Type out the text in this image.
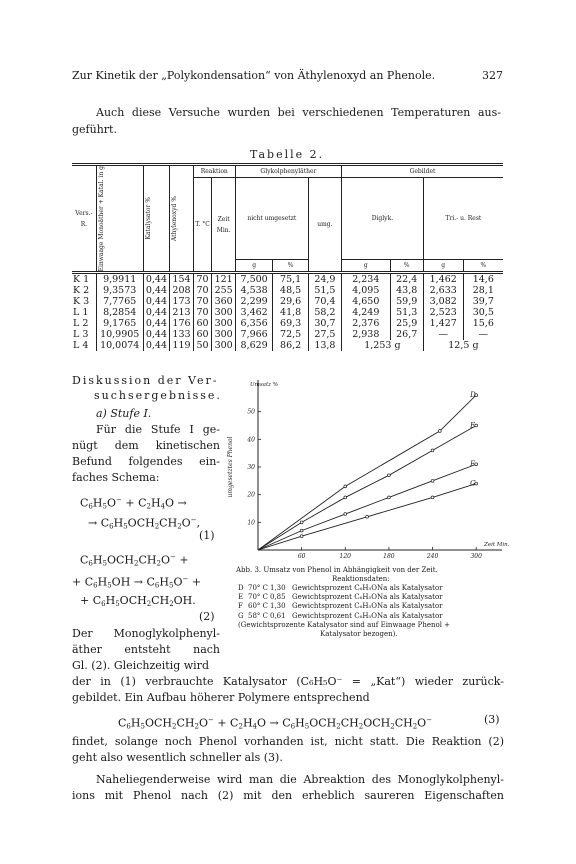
Zur Kinetik der „Polykondensation“ von Äthylenoxyd an Phenole.	327
Auch diese Versuche wurden bei verschiedenen Temperaturen aus-
geführt.
Tabelle 2.
Vers.-R.	Einwaage Monoäther + Katal. in g	Katalysator %	Äthylenoxyd %	Reaktion		Glykolphenyläther			Gebildet			
				T. °C	Zeit Min.	nicht umgesetzt		umg.	Diglyk.		Tri.- u. Rest	
						g	%		g	%	g	%
K 1	9,9911	0,44	154	70	121	7,500	75,1	24,9	2,234	22,4	1,462	14,6
K 2	9,3573	0,44	208	70	255	4,538	48,5	51,5	4,095	43,8	2,633	28,1
K 3	7,7765	0,44	173	70	360	2,299	29,6	70,4	4,650	59,9	3,082	39,7
L 1	8,2854	0,44	213	70	300	3,462	41,8	58,2	4,249	51,3	2,523	30,5
L 2	9,1765	0,44	176	60	300	6,356	69,3	30,7	2,376	25,9	1,427	15,6
L 3	10,9905	0,44	133	60	300	7,966	72,5	27,5	2,938	26,7	—	—
L 4	10,0074	0,44	119	50	300	8,629	86,2	13,8	1,253 g		12,5 g	
Diskussion der Ver-
suchsergebnisse.
a) Stufe I.
Für die Stufe I ge-
nügt dem kinetischen
Befund folgendes ein-
faches Schema:
$C_6H_5O^- + C_2H_4O$ →
→ $C_6H_5OCH_2CH_2O^-$,
(1)
$C_6H_5OCH_2CH_2O^-$ +
+ $C_6H_5OH \to C_6H_5O^-$ +
+ $C_6H_5OCH_2CH_2OH$.
(2)
Der Monoglykolphenyl-
äther entsteht nach
Gl. (2). Gleichzeitig wird
der in (1) verbrauchte Katalysator (C₆H₅O⁻ = „Kat“) wieder zurück-
gebildet. Ein Aufbau höherer Polymere entsprechend
$C_6H_5OCH_2CH_2O^- + C_2H_4O \to C_6H_5OCH_2CH_2OCH_2CH_2O^-$	(3)
findet, solange noch Phenol vorhanden ist, nicht statt. Die Reaktion (2)
geht also wesentlich schneller als (3).
Naheliegenderweise wird man die Abreaktion des Monoglykolphenyl-
ions mit Phenol nach (2) mit den erheblich saureren Eigenschaften
60	120	180	240	300
10
20
30
40
50
Umsatz %
Zeit Min.
umgesetztes Phenol
D
E
F
G
Abb. 3. Umsatz von Phenol in Abhängigkeit von der Zeit.
Reaktionsdaten:
D 70° C 1,30 Gewichtsprozent C₆H₅ONa als Katalysator
E 70° C 0,85 Gewichtsprozent C₆H₅ONa als Katalysator
F 60° C 1,30 Gewichtsprozent C₆H₅ONa als Katalysator
G 58° C 0,61 Gewichtsprozent C₆H₅ONa als Katalysator
(Gewichtsprozente Katalysator sind auf Einwaage Phenol +
Katalysator bezogen).
